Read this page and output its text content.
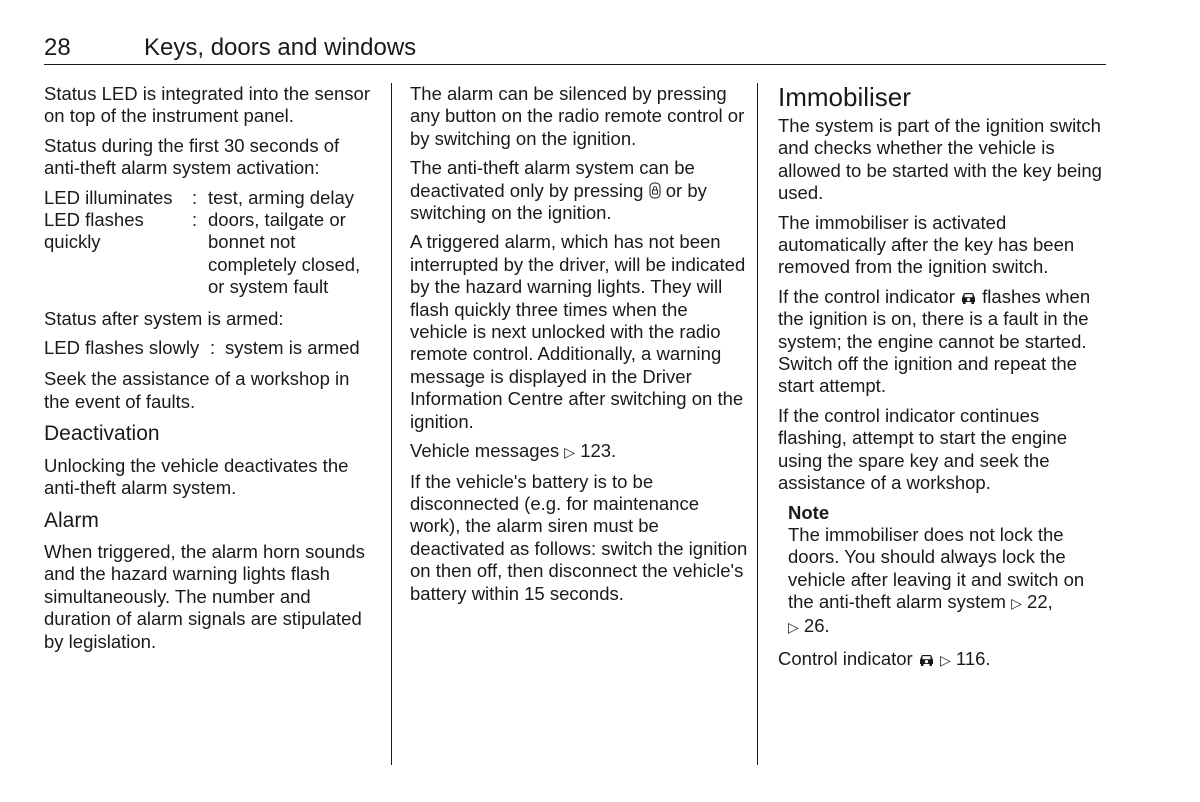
28	Keys, doors and windows

Status LED is integrated into the sensor on top of the instrument panel.

Status during the first 30 seconds of anti-theft alarm system activation:

LED illuminates	:	test, arming delay
LED flashes quickly	:	doors, tailgate or bonnet not completely closed, or system fault

Status after system is armed:

LED flashes slowly	:	system is armed

Seek the assistance of a workshop in the event of faults.

Deactivation

Unlocking the vehicle deactivates the anti-theft alarm system.

Alarm

When triggered, the alarm horn sounds and the hazard warning lights flash simultaneously. The number and duration of alarm signals are stipulated by legislation.

The alarm can be silenced by pressing any button on the radio remote control or by switching on the ignition.

The anti-theft alarm system can be deactivated only by pressing or by switching on the ignition.

A triggered alarm, which has not been interrupted by the driver, will be indicated by the hazard warning lights. They will flash quickly three times when the vehicle is next unlocked with the radio remote control. Additionally, a warning message is displayed in the Driver Information Centre after switching on the ignition.

Vehicle messages ▷ 123.

If the vehicle's battery is to be disconnected (e.g. for maintenance work), the alarm siren must be deactivated as follows: switch the ignition on then off, then disconnect the vehicle's battery within 15 seconds.

Immobiliser

The system is part of the ignition switch and checks whether the vehicle is allowed to be started with the key being used.

The immobiliser is activated automatically after the key has been removed from the ignition switch.

If the control indicator flashes when the ignition is on, there is a fault in the system; the engine cannot be started. Switch off the ignition and repeat the start attempt.

If the control indicator continues flashing, attempt to start the engine using the spare key and seek the assistance of a workshop.

Note
The immobiliser does not lock the doors. You should always lock the vehicle after leaving it and switch on the anti-theft alarm system ▷ 22,
▷ 26.

Control indicator ▷ 116.
